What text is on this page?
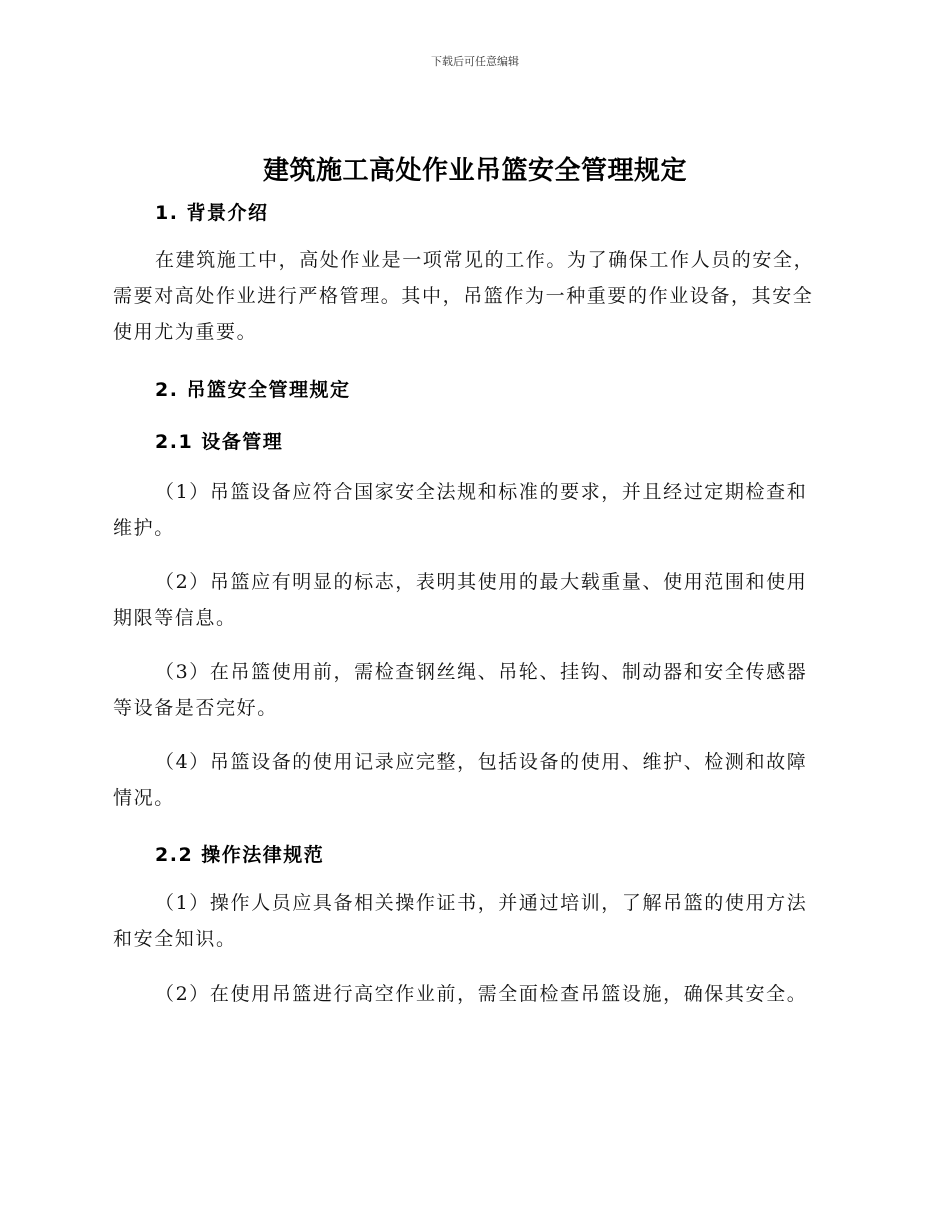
下载后可任意编辑
建筑施工高处作业吊篮安全管理规定

1. 背景介绍

在建筑施工中，高处作业是一项常见的工作。为了确保工作人员的安全，需要对高处作业进行严格管理。其中，吊篮作为一种重要的作业设备，其安全使用尤为重要。

2. 吊篮安全管理规定

2.1 设备管理

（1）吊篮设备应符合国家安全法规和标准的要求，并且经过定期检查和维护。

（2）吊篮应有明显的标志，表明其使用的最大载重量、使用范围和使用期限等信息。

（3）在吊篮使用前，需检查钢丝绳、吊轮、挂钩、制动器和安全传感器等设备是否完好。

（4）吊篮设备的使用记录应完整，包括设备的使用、维护、检测和故障情况。

2.2 操作法律规范

（1）操作人员应具备相关操作证书，并通过培训，了解吊篮的使用方法和安全知识。

（2）在使用吊篮进行高空作业前，需全面检查吊篮设施，确保其安全。
